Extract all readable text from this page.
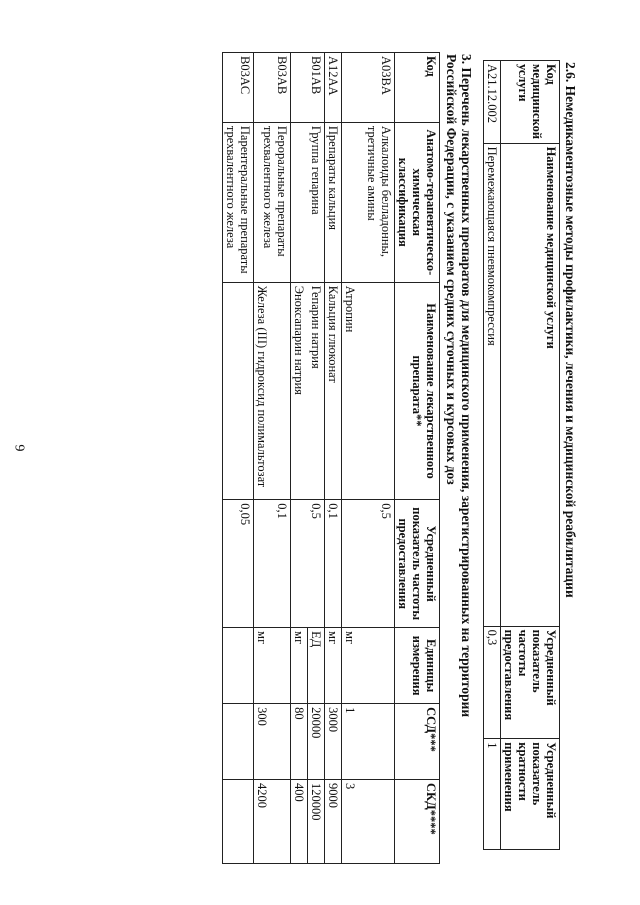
6	2.6. Немедикаментозные методы профилактики, лечения и медицинской реабилитации

Код медицинской услуги	Наименование медицинской услуги	Усредненный показатель частоты предоставления	Усредненный показатель кратности применения
A21.12.002	Перемежающаяся пневмокомпрессия	0,3	1
3. Перечень лекарственных препаратов для медицинского применения, зарегистрированных на территории
Российской Федерации, с указанием средних суточных и курсовых доз
Код	Анатомо-терапевтическо-химическая классификация	Наименование лекарственного препарата**	Усредненный показатель частоты предоставления	Единицы измерения	ССД***	СКД****
A03BA	Алкалоиды белладонны, третичные амины		0,5			
		Атропин		мг	1	3
A12AA	Препараты кальция	Кальция глюконат	0,1	мг	3000	9000
B01AB	Группа гепарина	Гепарин натрия	0,5	ЕД	20000	120000
		Эноксапарин натрия		мг	80	400
B03AB	Пероральные препараты трехвалентного железа		0,1			
		Железа (III) гидроксид полимальтозат		мг	300	4200
B03AC	Парентеральные препараты трехвалентного железа		0,05			
